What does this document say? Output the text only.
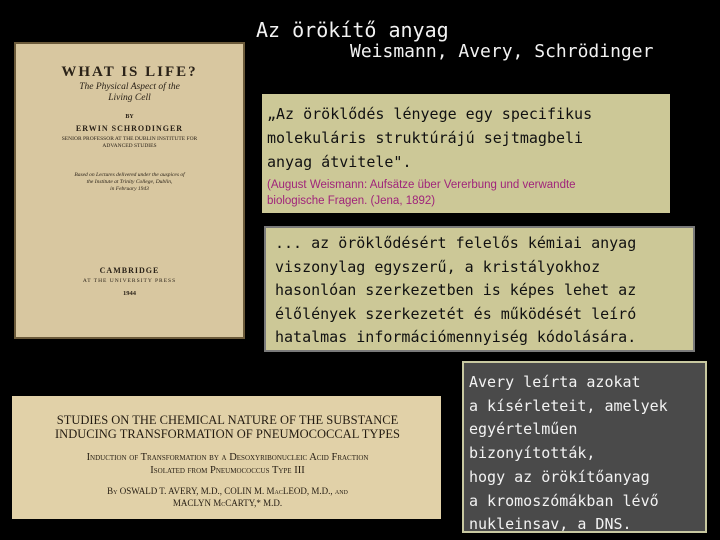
Az örökítő anyag
Weismann, Avery, Schrödinger
WHAT IS LIFE?
The Physical Aspect of the
Living Cell
BY
ERWIN SCHRODINGER
SENIOR PROFESSOR AT THE DUBLIN INSTITUTE FOR
ADVANCED STUDIES
Based on Lectures delivered under the auspices of
the Institute at Trinity College, Dublin,
in February 1943
CAMBRIDGE
AT THE UNIVERSITY PRESS
1944
„Az öröklődés lényege egy specifikus
molekuláris struktúrájú sejtmagbeli
anyag átvitele".
(August Weismann: Aufsätze über Vererbung und verwandte
biologische Fragen. (Jena, 1892)
... az öröklődésért felelős kémiai anyag
viszonylag egyszerű, a kristályokhoz
hasonlóan szerkezetben is képes lehet az
élőlények szerkezetét és működését leíró
hatalmas információmennyiség kódolására.
STUDIES ON THE CHEMICAL NATURE OF THE SUBSTANCE
INDUCING TRANSFORMATION OF PNEUMOCOCCAL TYPES
Induction of Transformation by a Desoxyribonucleic Acid Fraction
Isolated from Pneumococcus Type III
By OSWALD T. AVERY, M.D., COLIN M. MacLEOD, M.D., and
MACLYN McCARTY,* M.D.
Avery leírta azokat
a kísérleteit, amelyek
egyértelműen
bizonyították,
hogy az örökítőanyag
a kromoszómákban lévő
nukleinsav, a DNS.
